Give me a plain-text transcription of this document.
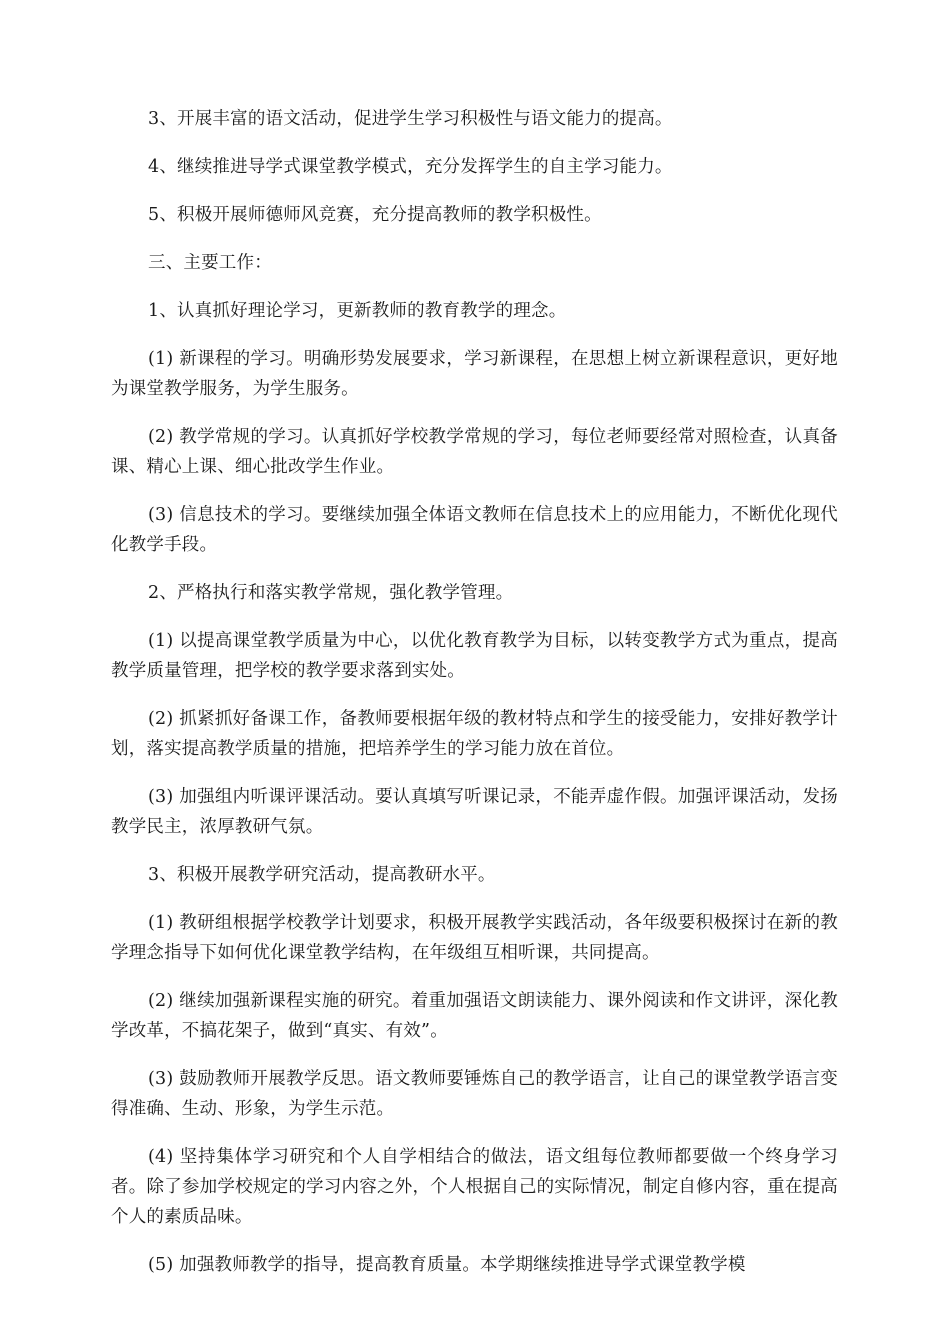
3、开展丰富的语文活动，促进学生学习积极性与语文能力的提高。

4、继续推进导学式课堂教学模式，充分发挥学生的自主学习能力。

5、积极开展师德师风竞赛，充分提高教师的教学积极性。

三、主要工作：

1、认真抓好理论学习，更新教师的教育教学的理念。

(1) 新课程的学习。明确形势发展要求，学习新课程，在思想上树立新课程意识，更好地为课堂教学服务，为学生服务。

(2) 教学常规的学习。认真抓好学校教学常规的学习，每位老师要经常对照检查，认真备课、精心上课、细心批改学生作业。

(3) 信息技术的学习。要继续加强全体语文教师在信息技术上的应用能力，不断优化现代化教学手段。

2、严格执行和落实教学常规，强化教学管理。

(1) 以提高课堂教学质量为中心，以优化教育教学为目标，以转变教学方式为重点，提高教学质量管理，把学校的教学要求落到实处。

(2) 抓紧抓好备课工作，备教师要根据年级的教材特点和学生的接受能力，安排好教学计划，落实提高教学质量的措施，把培养学生的学习能力放在首位。

(3) 加强组内听课评课活动。要认真填写听课记录，不能弄虚作假。加强评课活动，发扬教学民主，浓厚教研气氛。

3、积极开展教学研究活动，提高教研水平。

(1) 教研组根据学校教学计划要求，积极开展教学实践活动，各年级要积极探讨在新的教学理念指导下如何优化课堂教学结构，在年级组互相听课，共同提高。

(2) 继续加强新课程实施的研究。着重加强语文朗读能力、课外阅读和作文讲评，深化教学改革，不搞花架子，做到“真实、有效”。

(3) 鼓励教师开展教学反思。语文教师要锤炼自己的教学语言，让自己的课堂教学语言变得准确、生动、形象，为学生示范。

(4) 坚持集体学习研究和个人自学相结合的做法，语文组每位教师都要做一个终身学习者。除了参加学校规定的学习内容之外，个人根据自己的实际情况，制定自修内容，重在提高个人的素质品味。

(5) 加强教师教学的指导，提高教育质量。本学期继续推进导学式课堂教学模
